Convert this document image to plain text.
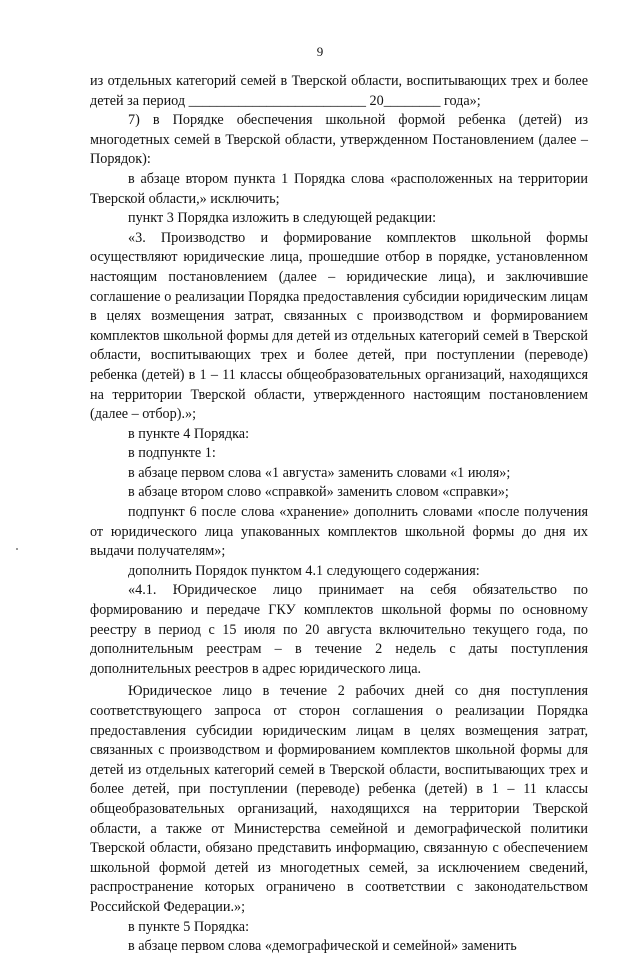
9

из отдельных категорий семей в Тверской области, воспитывающих трех и более детей за период _________________________ 20________ года»;

7) в Порядке обеспечения школьной формой ребенка (детей) из многодетных семей в Тверской области, утвержденном Постановлением (далее – Порядок):

в абзаце втором пункта 1 Порядка слова «расположенных на территории Тверской области,» исключить;

пункт 3 Порядка изложить в следующей редакции:

«3. Производство и формирование комплектов школьной формы осуществляют юридические лица, прошедшие отбор в порядке, установленном настоящим постановлением (далее – юридические лица), и заключившие соглашение о реализации Порядка предоставления субсидии юридическим лицам в целях возмещения затрат, связанных с производством и формированием комплектов школьной формы для детей из отдельных категорий семей в Тверской области, воспитывающих трех и более детей, при поступлении (переводе) ребенка (детей) в 1 – 11 классы общеобразовательных организаций, находящихся на территории Тверской области, утвержденного настоящим постановлением (далее – отбор).»;

в пункте 4 Порядка:

в подпункте 1:

в абзаце первом слова «1 августа» заменить словами «1 июля»;

в абзаце втором слово «справкой» заменить словом «справки»;

подпункт 6 после слова «хранение» дополнить словами «после получения от юридического лица упакованных комплектов школьной формы до дня их выдачи получателям»;

дополнить Порядок пунктом 4.1 следующего содержания:

«4.1. Юридическое лицо принимает на себя обязательство по формированию и передаче ГКУ комплектов школьной формы по основному реестру в период с 15 июля по 20 августа включительно текущего года, по дополнительным реестрам – в течение 2 недель с даты поступления дополнительных реестров в адрес юридического лица.

Юридическое лицо в течение 2 рабочих дней со дня поступления соответствующего запроса от сторон соглашения о реализации Порядка предоставления субсидии юридическим лицам в целях возмещения затрат, связанных с производством и формированием комплектов школьной формы для детей из отдельных категорий семей в Тверской области, воспитывающих трех и более детей, при поступлении (переводе) ребенка (детей) в 1 – 11 классы общеобразовательных организаций, находящихся на территории Тверской области, а также от Министерства семейной и демографической политики Тверской области, обязано представить информацию, связанную с обеспечением школьной формой детей из многодетных семей, за исключением сведений, распространение которых ограничено в соответствии с законодательством Российской Федерации.»;

в пункте 5 Порядка:

в абзаце первом слова «демографической и семейной» заменить
